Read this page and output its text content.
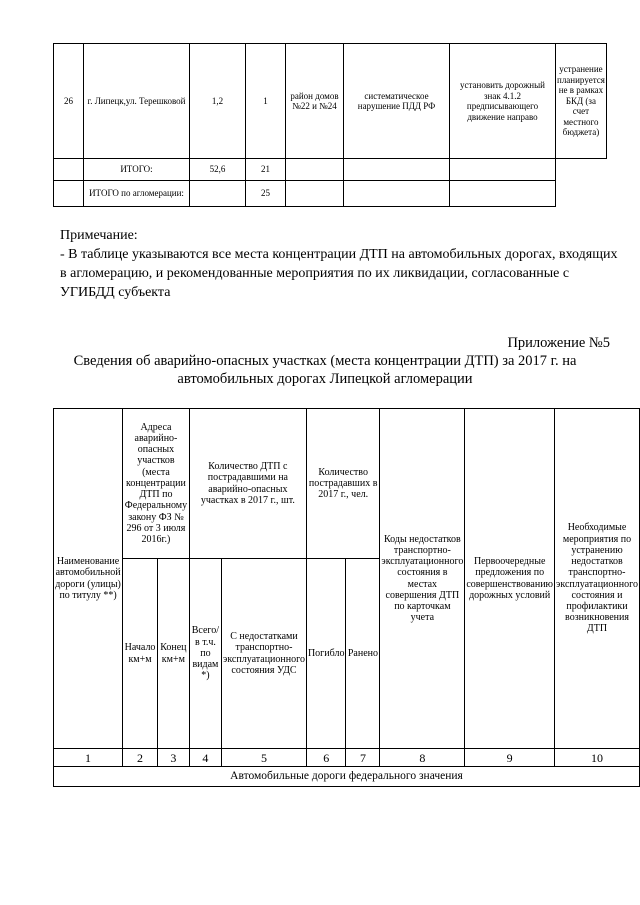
26	г. Липецк,ул. Терешковой	1,2	1	район домов №22 и №24	систематическое нарушение ПДД РФ	установить дорожный знак 4.1.2 предписывающего движение направо	устранение планируется не в рамках БКД (за счет местного бюджета)
	ИТОГО:	52,6	21				
	ИТОГО по агломерации:		25				
Примечание:
- В таблице указываются все места концентрации ДТП на автомобильных дорогах, входящих в агломерацию, и рекомендованные мероприятия по их ликвидации, согласованные с УГИБДД субъекта
Приложение №5
Сведения об аварийно-опасных участках (места концентрации ДТП) за 2017 г. на автомобильных дорогах Липецкой агломерации
Наименование автомобильной дороги (улицы) по титулу **)	Адреса аварийно-опасных участков (места концентрации ДТП по Федеральному закону ФЗ № 296 от 3 июля 2016г.)		Количество ДТП с пострадавшими на аварийно-опасных участках в 2017 г., шт.		Количество пострадавших в 2017 г., чел.		Коды недостатков транспортно-эксплуатационного состояния в местах совершения ДТП по карточкам учета	Первоочередные предложения по совершенствованию дорожных условий	Необходимые мероприятия по устранению недостатков транспортно-эксплуатационного состояния и профилактики возникновения ДТП
	Начало км+м	Конец км+м	Всего/ в т.ч. по видам *)	С недостатками транспортно-эксплуатационного состояния УДС	Погибло	Ранено			
1	2	3	4	5	6	7	8	9	10
Автомобильные дороги федерального значения									
